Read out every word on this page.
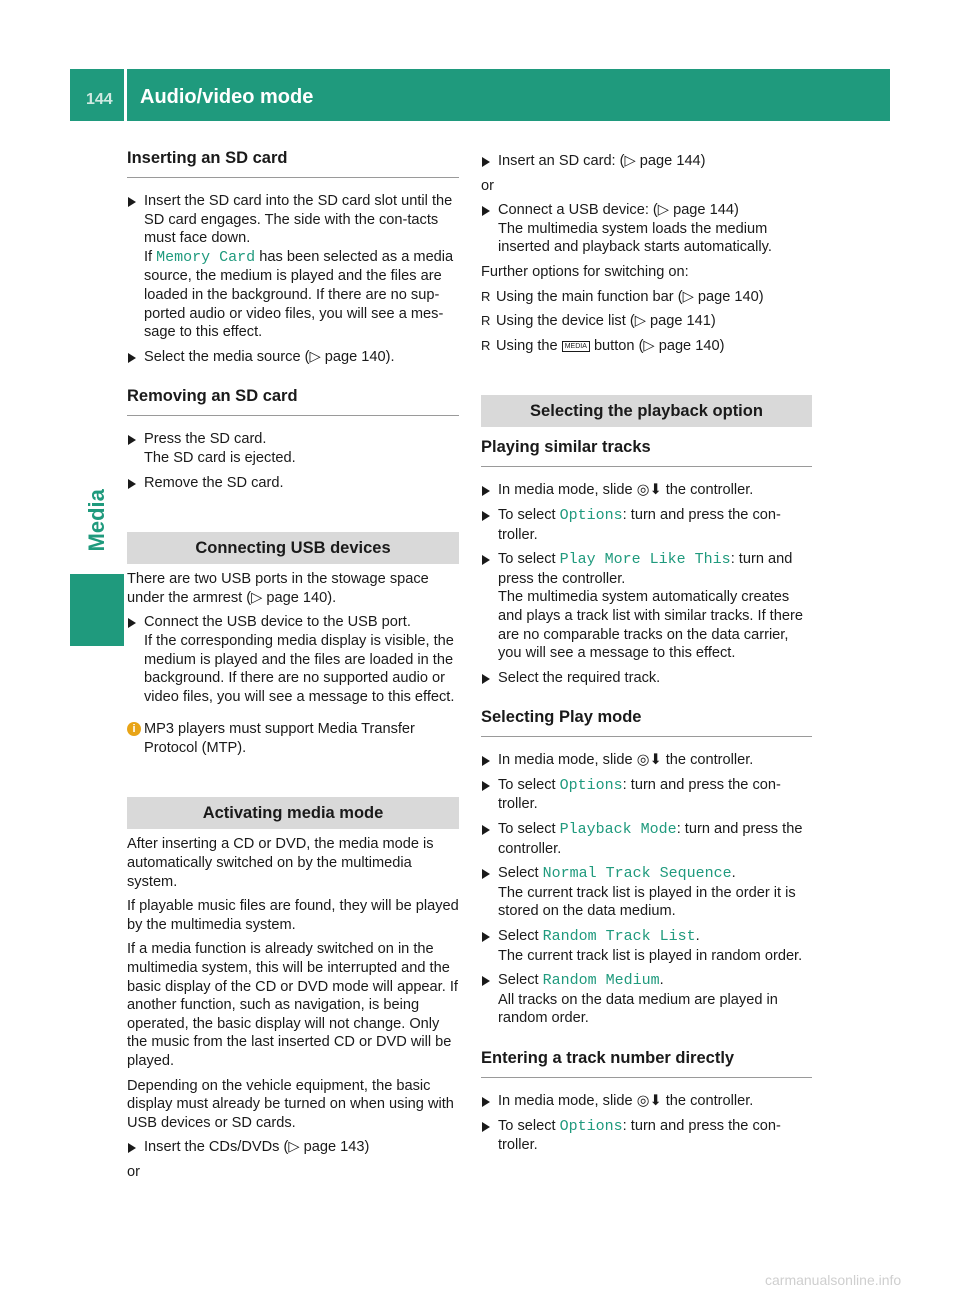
144 Audio/video mode
Media
Inserting an SD card

Insert the SD card into the SD card slot until the SD card engages. The side with the con-tacts must face down.

If Memory Card has been selected as a media source, the medium is played and the files are loaded in the background. If there are no sup-ported audio or video files, you will see a mes-sage to this effect.

Select the media source (▷ page 140).

Removing an SD card

Press the SD card.

The SD card is ejected.

Remove the SD card.

Connecting USB devices

There are two USB ports in the stowage space under the armrest (▷ page 140).

Connect the USB device to the USB port.

If the corresponding media display is visible, the medium is played and the files are loaded in the background. If there are no supported audio or video files, you will see a message to this effect.

i MP3 players must support Media Transfer Protocol (MTP).

Activating media mode

After inserting a CD or DVD, the media mode is automatically switched on by the multimedia system.

If playable music files are found, they will be played by the multimedia system.

If a media function is already switched on in the multimedia system, this will be interrupted and the basic display of the CD or DVD mode will appear. If another function, such as navigation, is being operated, the basic display will not change. Only the music from the last inserted CD or DVD will be played.

Depending on the vehicle equipment, the basic display must already be turned on when using with USB devices or SD cards.

Insert the CDs/DVDs (▷ page 143)

or

Insert an SD card: (▷ page 144)

or

Connect a USB device: (▷ page 144)

The multimedia system loads the medium inserted and playback starts automatically.

Further options for switching on:

R Using the main function bar (▷ page 140)

R Using the device list (▷ page 141)

R Using the MEDIA button (▷ page 140)

Selecting the playback option
Playing similar tracks

In media mode, slide ◎⬇ the controller.

To select Options: turn and press the con-troller.

To select Play More Like This: turn and press the controller.

The multimedia system automatically creates and plays a track list with similar tracks. If there are no comparable tracks on the data carrier, you will see a message to this effect.

Select the required track.

Selecting Play mode

In media mode, slide ◎⬇ the controller.

To select Options: turn and press the con-troller.

To select Playback Mode: turn and press the controller.

Select Normal Track Sequence.

The current track list is played in the order it is stored on the data medium.

Select Random Track List.

The current track list is played in random order.

Select Random Medium.

All tracks on the data medium are played in random order.

Entering a track number directly

In media mode, slide ◎⬇ the controller.

To select Options: turn and press the con-troller.

carmanualsonline.info
